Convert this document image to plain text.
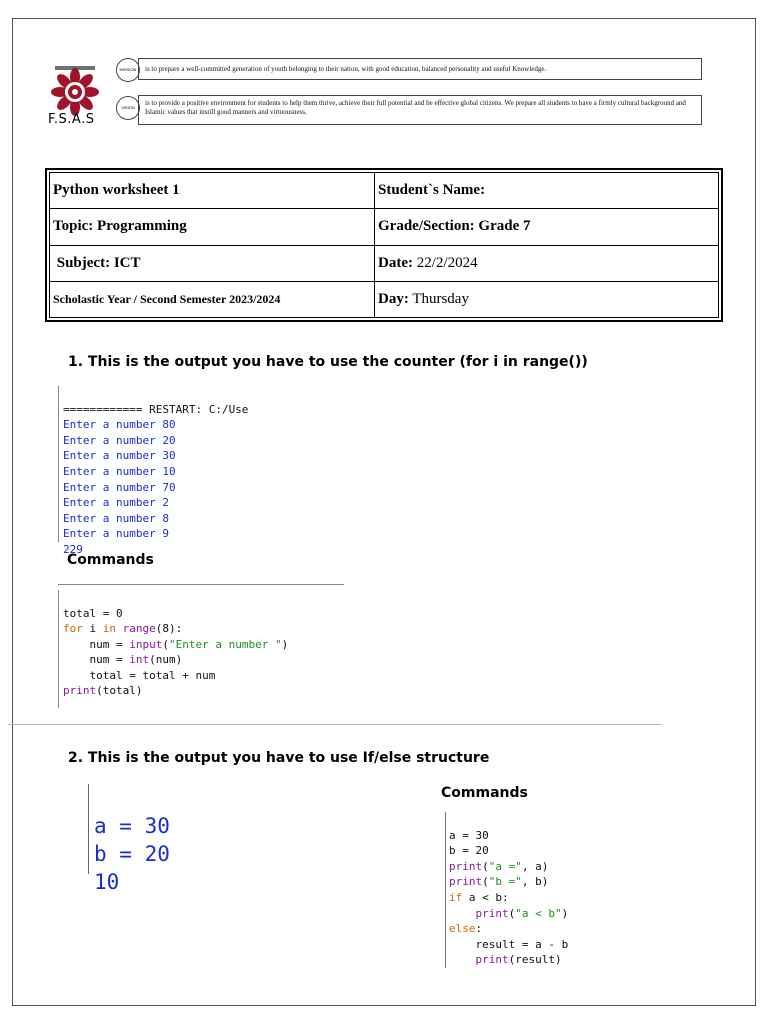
F.S.A.S
MISSION	is to prepare a well-committed generation of youth belonging to their nation, with good education, balanced personality and useful Knowledge.
VISION
is to provide a positive environment for students to help them thrive, achieve their full potential and be effective global citizens. We prepare all students to have a firmly cultural background and Islamic values that instill good manners and virtuousness.
Python worksheet 1	Student`s Name:
Topic: Programming	Grade/Section: Grade 7
Subject: ICT	Date: 22/2/2024
Scholastic Year / Second Semester 2023/2024	Day: Thursday
1. This is the output you have to use the counter (for i in range())

============ RESTART: C:/Use
Enter a number 80
Enter a number 20
Enter a number 30
Enter a number 10
Enter a number 70
Enter a number 2
Enter a number 8
Enter a number 9
229

Commands

total = 0
for i in range(8):
num = input("Enter a number ")
num = int(num)
total = total + num
print(total)

2. This is the output you have to use If/else structure

a = 30
b = 20
10

Commands

a = 30
b = 20
print("a =", a)
print("b =", b)
if a < b:
print("a < b")
else:
result = a - b
print(result)
